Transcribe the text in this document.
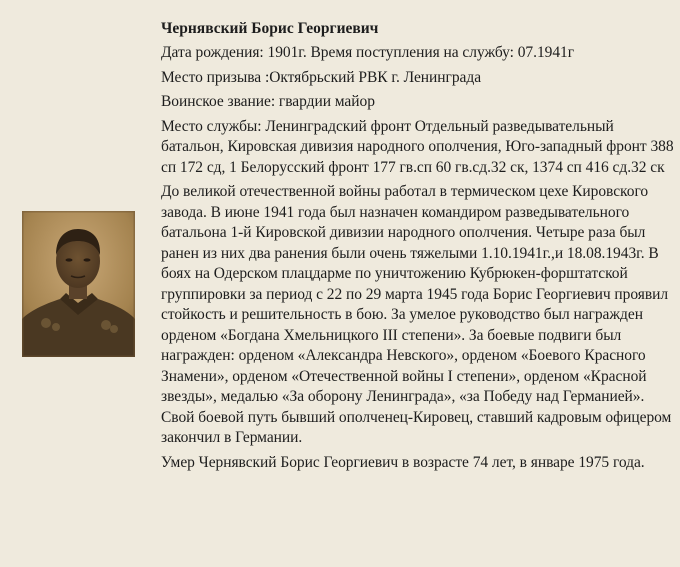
Чернявский Борис Георгиевич
Дата рождения: 1901г. Время поступления на службу: 07.1941г
Место призыва :Октябрьский РВК г. Ленинграда
Воинское звание: гвардии майор
Место службы: Ленинградский фронт Отдельный разведывательный батальон, Кировская дивизия народного ополчения, Юго-западный фронт 388 сп 172 сд, 1 Белорусский фронт 177 гв.сп 60 гв.сд.32 ск, 1374 сп 416 сд.32 ск
До великой отечественной войны работал в термическом цехе Кировского завода. В июне 1941 года был назначен командиром разведывательного батальона 1-й Кировской дивизии народного ополчения. Четыре раза был ранен из них два ранения были очень тяжелыми 1.10.1941г.,и 18.08.1943г. В боях на Одерском плацдарме по уничтожению Кубрюкен-форштатской группировки за период с 22 по 29 марта 1945 года Борис Георгиевич проявил стойкость и решительность в бою. За умелое руководство был награжден орденом «Богдана Хмельницкого III степени». За боевые подвиги был награжден: орденом «Александра Невского», орденом «Боевого Красного Знамени», орденом «Отечественной войны I степени», орденом «Красной звезды», медалью «За оборону Ленинграда», «за Победу над Германией». Свой боевой путь бывший ополченец-Кировец, ставший кадровым офицером закончил в Германии.
Умер Чернявский Борис Георгиевич в возрасте 74 лет, в январе 1975 года.
